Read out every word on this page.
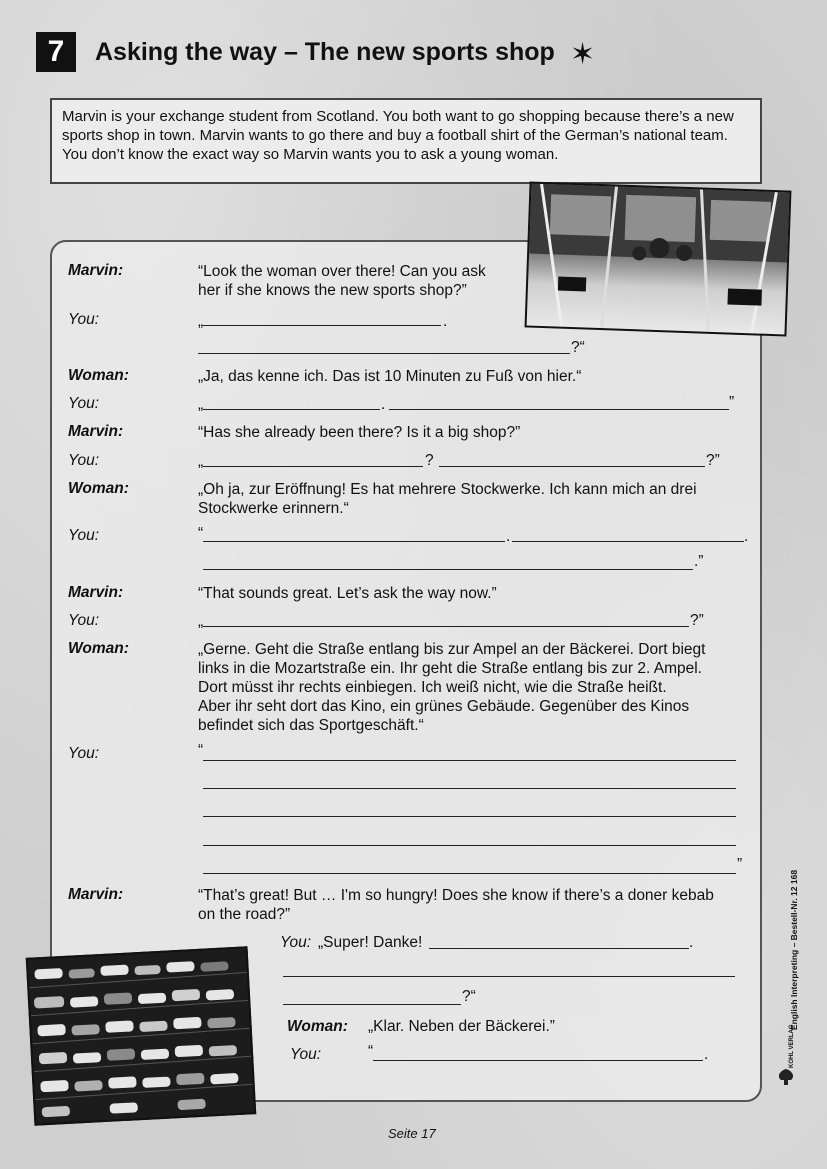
7	Asking the way – The new sports shop ✶
Marvin is your exchange student from Scotland. You both want to go shopping because there’s a new sports shop in town. Marvin wants to go there and buy a football shirt of the German’s national team. You don’t know the exact way so Marvin wants you to ask a young woman.
Marvin:	“Look the woman over there! Can you ask
her if she knows the new sports shop?”
You:	„	.
?“
Woman:	„Ja, das kenne ich. Das ist 10 Minuten zu Fuß von hier.“
You:	„	.	”
Marvin:	“Has she already been there? Is it a big shop?”
You:	„	?	?”
Woman:	„Oh ja, zur Eröffnung! Es hat mehrere Stockwerke. Ich kann mich an drei
Stockwerke erinnern.“
You:	“	.	.
.”
Marvin:	“That sounds great. Let’s ask the way now.”
You:	„	?”
Woman:	„Gerne. Geht die Straße entlang bis zur Ampel an der Bäckerei. Dort biegt
links in die Mozartstraße ein. Ihr geht die Straße entlang bis zur 2. Ampel.
Dort müsst ihr rechts einbiegen. Ich weiß nicht, wie die Straße heißt.
Aber ihr seht dort das Kino, ein grünes Gebäude. Gegenüber des Kinos
befindet sich das Sportgeschäft.“
You:	“
”
Marvin:	“That’s great! But … I'm so hungry! Does she know if there’s a doner kebab
on the road?”
You: „Super! Danke!	.
?“
Woman: „Klar. Neben der Bäckerei.”
You:	“	.
English Interpreting – Bestell-Nr. 12 168
KOHL VERLAG
Seite 17
